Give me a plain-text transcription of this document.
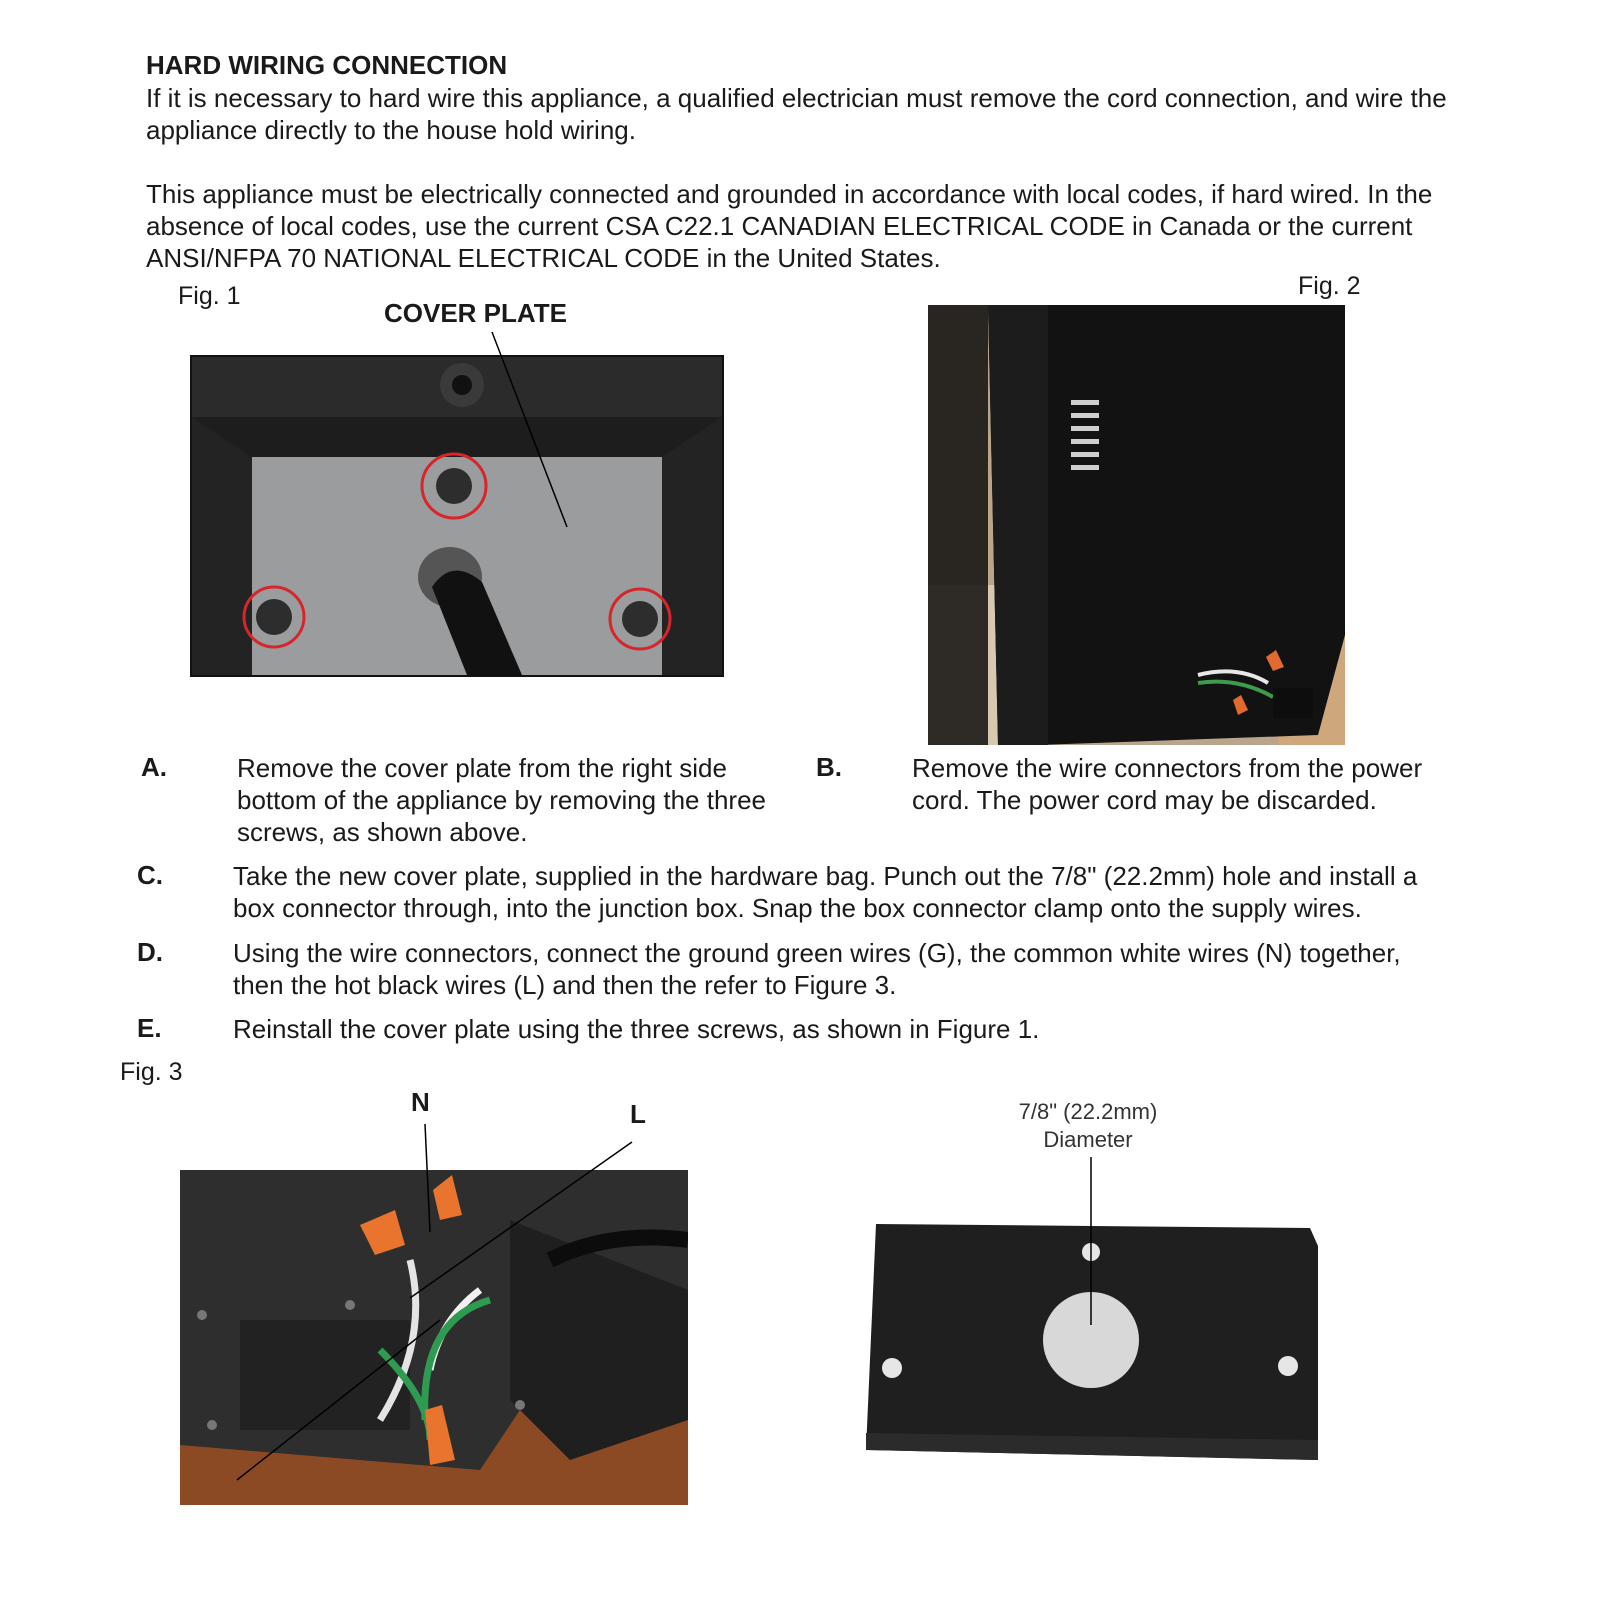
HARD WIRING CONNECTION
If it is necessary to hard wire this appliance, a qualified electrician must remove the cord connection, and wire the appliance directly to the house hold wiring.
This appliance must be electrically connected and grounded in accordance with local codes, if hard wired. In the absence of local codes, use the current CSA C22.1 CANADIAN ELECTRICAL CODE in Canada or the current ANSI/NFPA 70 NATIONAL ELECTRICAL CODE in the United States.
Fig. 1
COVER PLATE
Fig. 2
A.	Remove the cover plate from the right side bottom of the appliance by removing the three screws, as shown above.
B.	Remove the wire connectors from the power cord. The power cord may be discarded.
C.	Take the new cover plate, supplied in the hardware bag. Punch out the 7/8" (22.2mm) hole and install a box connector through, into the junction box. Snap the box connector clamp onto the supply wires.
D.	Using the wire connectors, connect the ground green wires (G), the common white wires (N) together, then the hot black wires (L) and then the refer to Figure 3.
E.	Reinstall the cover plate using the three screws, as shown in Figure 1.
Fig. 3
N	L	7/8" (22.2mm)
Diameter
